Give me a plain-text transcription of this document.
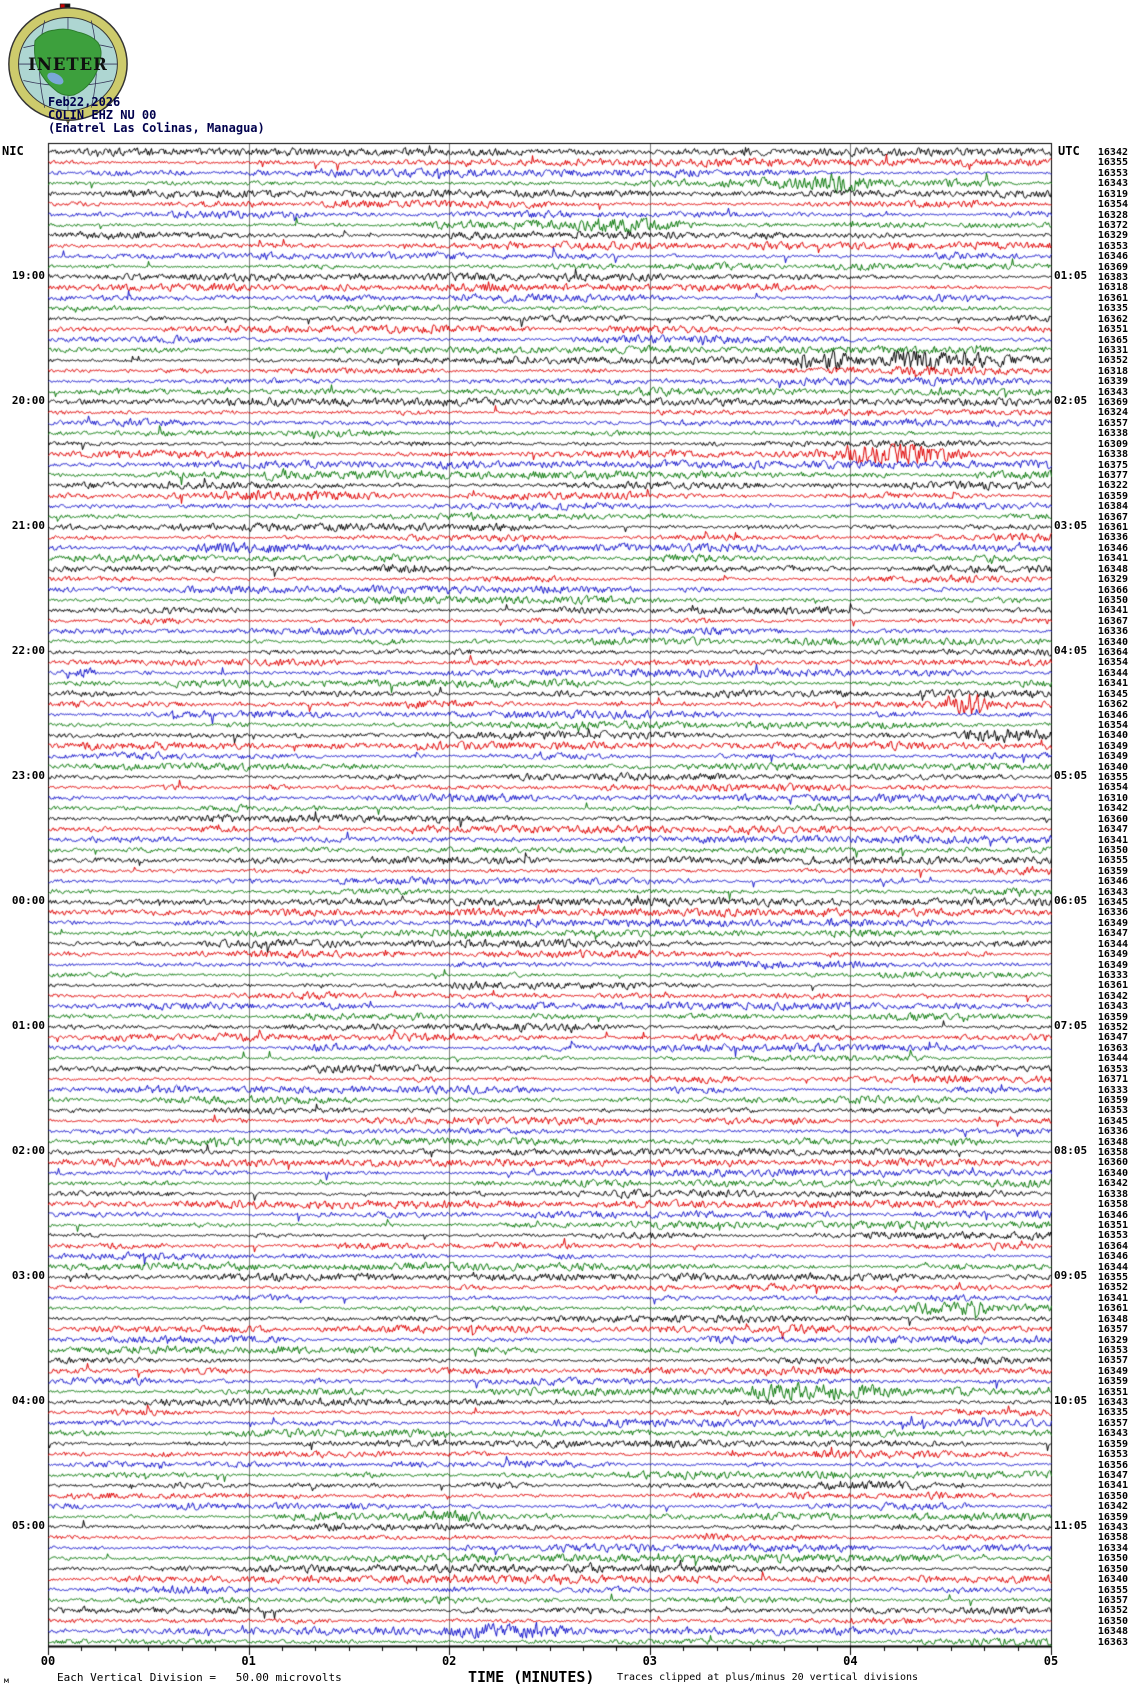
INETER
Feb22,2026
COLIN EHZ NU 00
(Enatrel Las Colinas, Managua)
NIC	UTC
19:00
20:00
21:00
22:00
23:00
00:00
01:00
02:00
03:00
04:00
05:00
01:05
02:05
03:05
04:05
05:05
06:05
07:05
08:05
09:05
10:05
11:05
16342
16355
16353
16343
16319
16354
16328
16372
16329
16353
16346
16369
16383
16318
16361
16335
16362
16351
16365
16331
16352
16318
16339
16343
16369
16324
16357
16338
16309
16338
16375
16377
16322
16359
16384
16367
16361
16336
16346
16341
16348
16329
16366
16350
16341
16367
16336
16340
16364
16354
16344
16341
16345
16362
16346
16354
16340
16349
16349
16340
16355
16354
16310
16342
16360
16347
16341
16350
16355
16359
16346
16343
16345
16336
16349
16347
16344
16349
16349
16333
16361
16342
16343
16359
16352
16347
16363
16344
16353
16371
16333
16359
16353
16345
16336
16348
16358
16360
16340
16342
16338
16358
16346
16351
16353
16364
16346
16344
16355
16352
16341
16361
16348
16357
16329
16353
16357
16349
16359
16351
16343
16335
16357
16343
16359
16353
16356
16347
16341
16350
16342
16359
16343
16358
16334
16350
16350
16340
16355
16357
16352
16350
16348
16363
00	01	02	03	04	05
м	Each Vertical Division =   50.00 microvolts	TIME (MINUTES) Traces clipped at plus/minus 20 vertical divisions
